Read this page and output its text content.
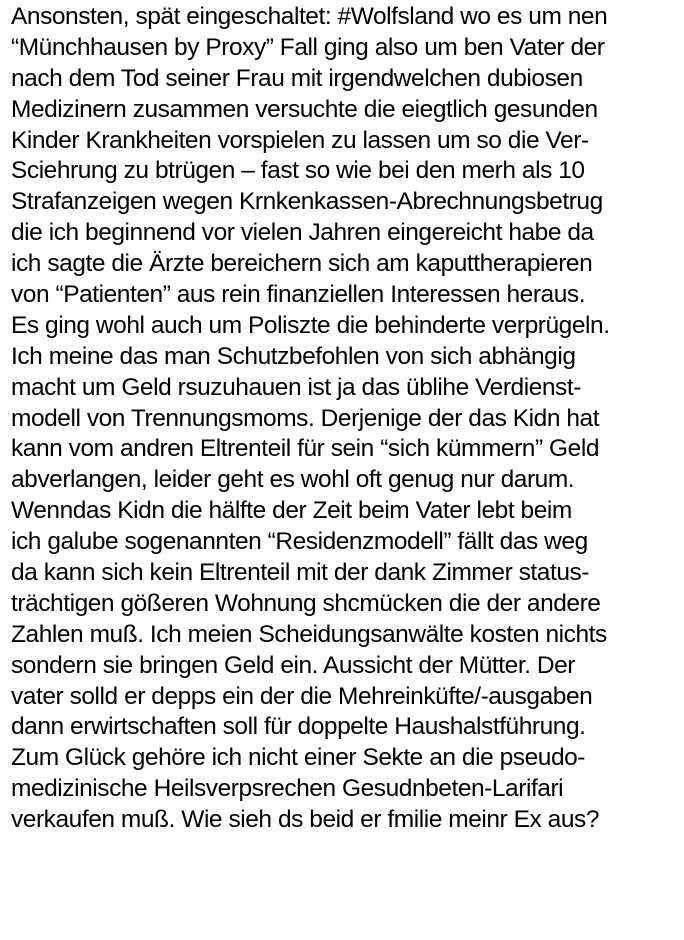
Ansonsten, spät eingeschaltet: #Wolfsland wo es um nen
“Münchhausen by Proxy” Fall ging also um ben Vater der
nach dem Tod seiner Frau mit irgendwelchen dubiosen
Medizinern zusammen versuchte die eiegtlich gesunden
Kinder Krankheiten vorspielen zu lassen um so die Ver-
Sciehrung zu btrügen – fast so wie bei den merh als 10
Strafanzeigen wegen Krnkenkassen-Abrechnungsbetrug
die ich beginnend vor vielen Jahren eingereicht habe da
ich sagte die Ärzte bereichern sich am kaputtherapieren
von “Patienten” aus rein finanziellen Interessen heraus.
Es ging wohl auch um Poliszte die behinderte verprügeln.
Ich meine das man Schutzbefohlen von sich abhängig
macht um Geld rsuzuhauen ist ja das üblihe Verdienst-
modell von Trennungsmoms. Derjenige der das Kidn hat
kann vom andren Eltrenteil für sein “sich kümmern” Geld
abverlangen, leider geht es wohl oft genug nur darum.
Wenndas Kidn die hälfte der Zeit beim Vater lebt beim
ich galube sogenannten “Residenzmodell” fällt das weg
da kann sich kein Eltrenteil mit der dank Zimmer status-
trächtigen gößeren Wohnung shcmücken die der andere
Zahlen muß. Ich meien Scheidungsanwälte kosten nichts
sondern sie bringen Geld ein. Aussicht der Mütter. Der
vater solld er depps ein der die Mehreinküfte/-ausgaben
dann erwirtschaften soll für doppelte Haushalstführung.
Zum Glück gehöre ich nicht einer Sekte an die pseudo-
medizinische Heilsverpsrechen Gesudnbeten-Larifari
verkaufen muß. Wie sieh ds beid er fmilie meinr Ex aus?
